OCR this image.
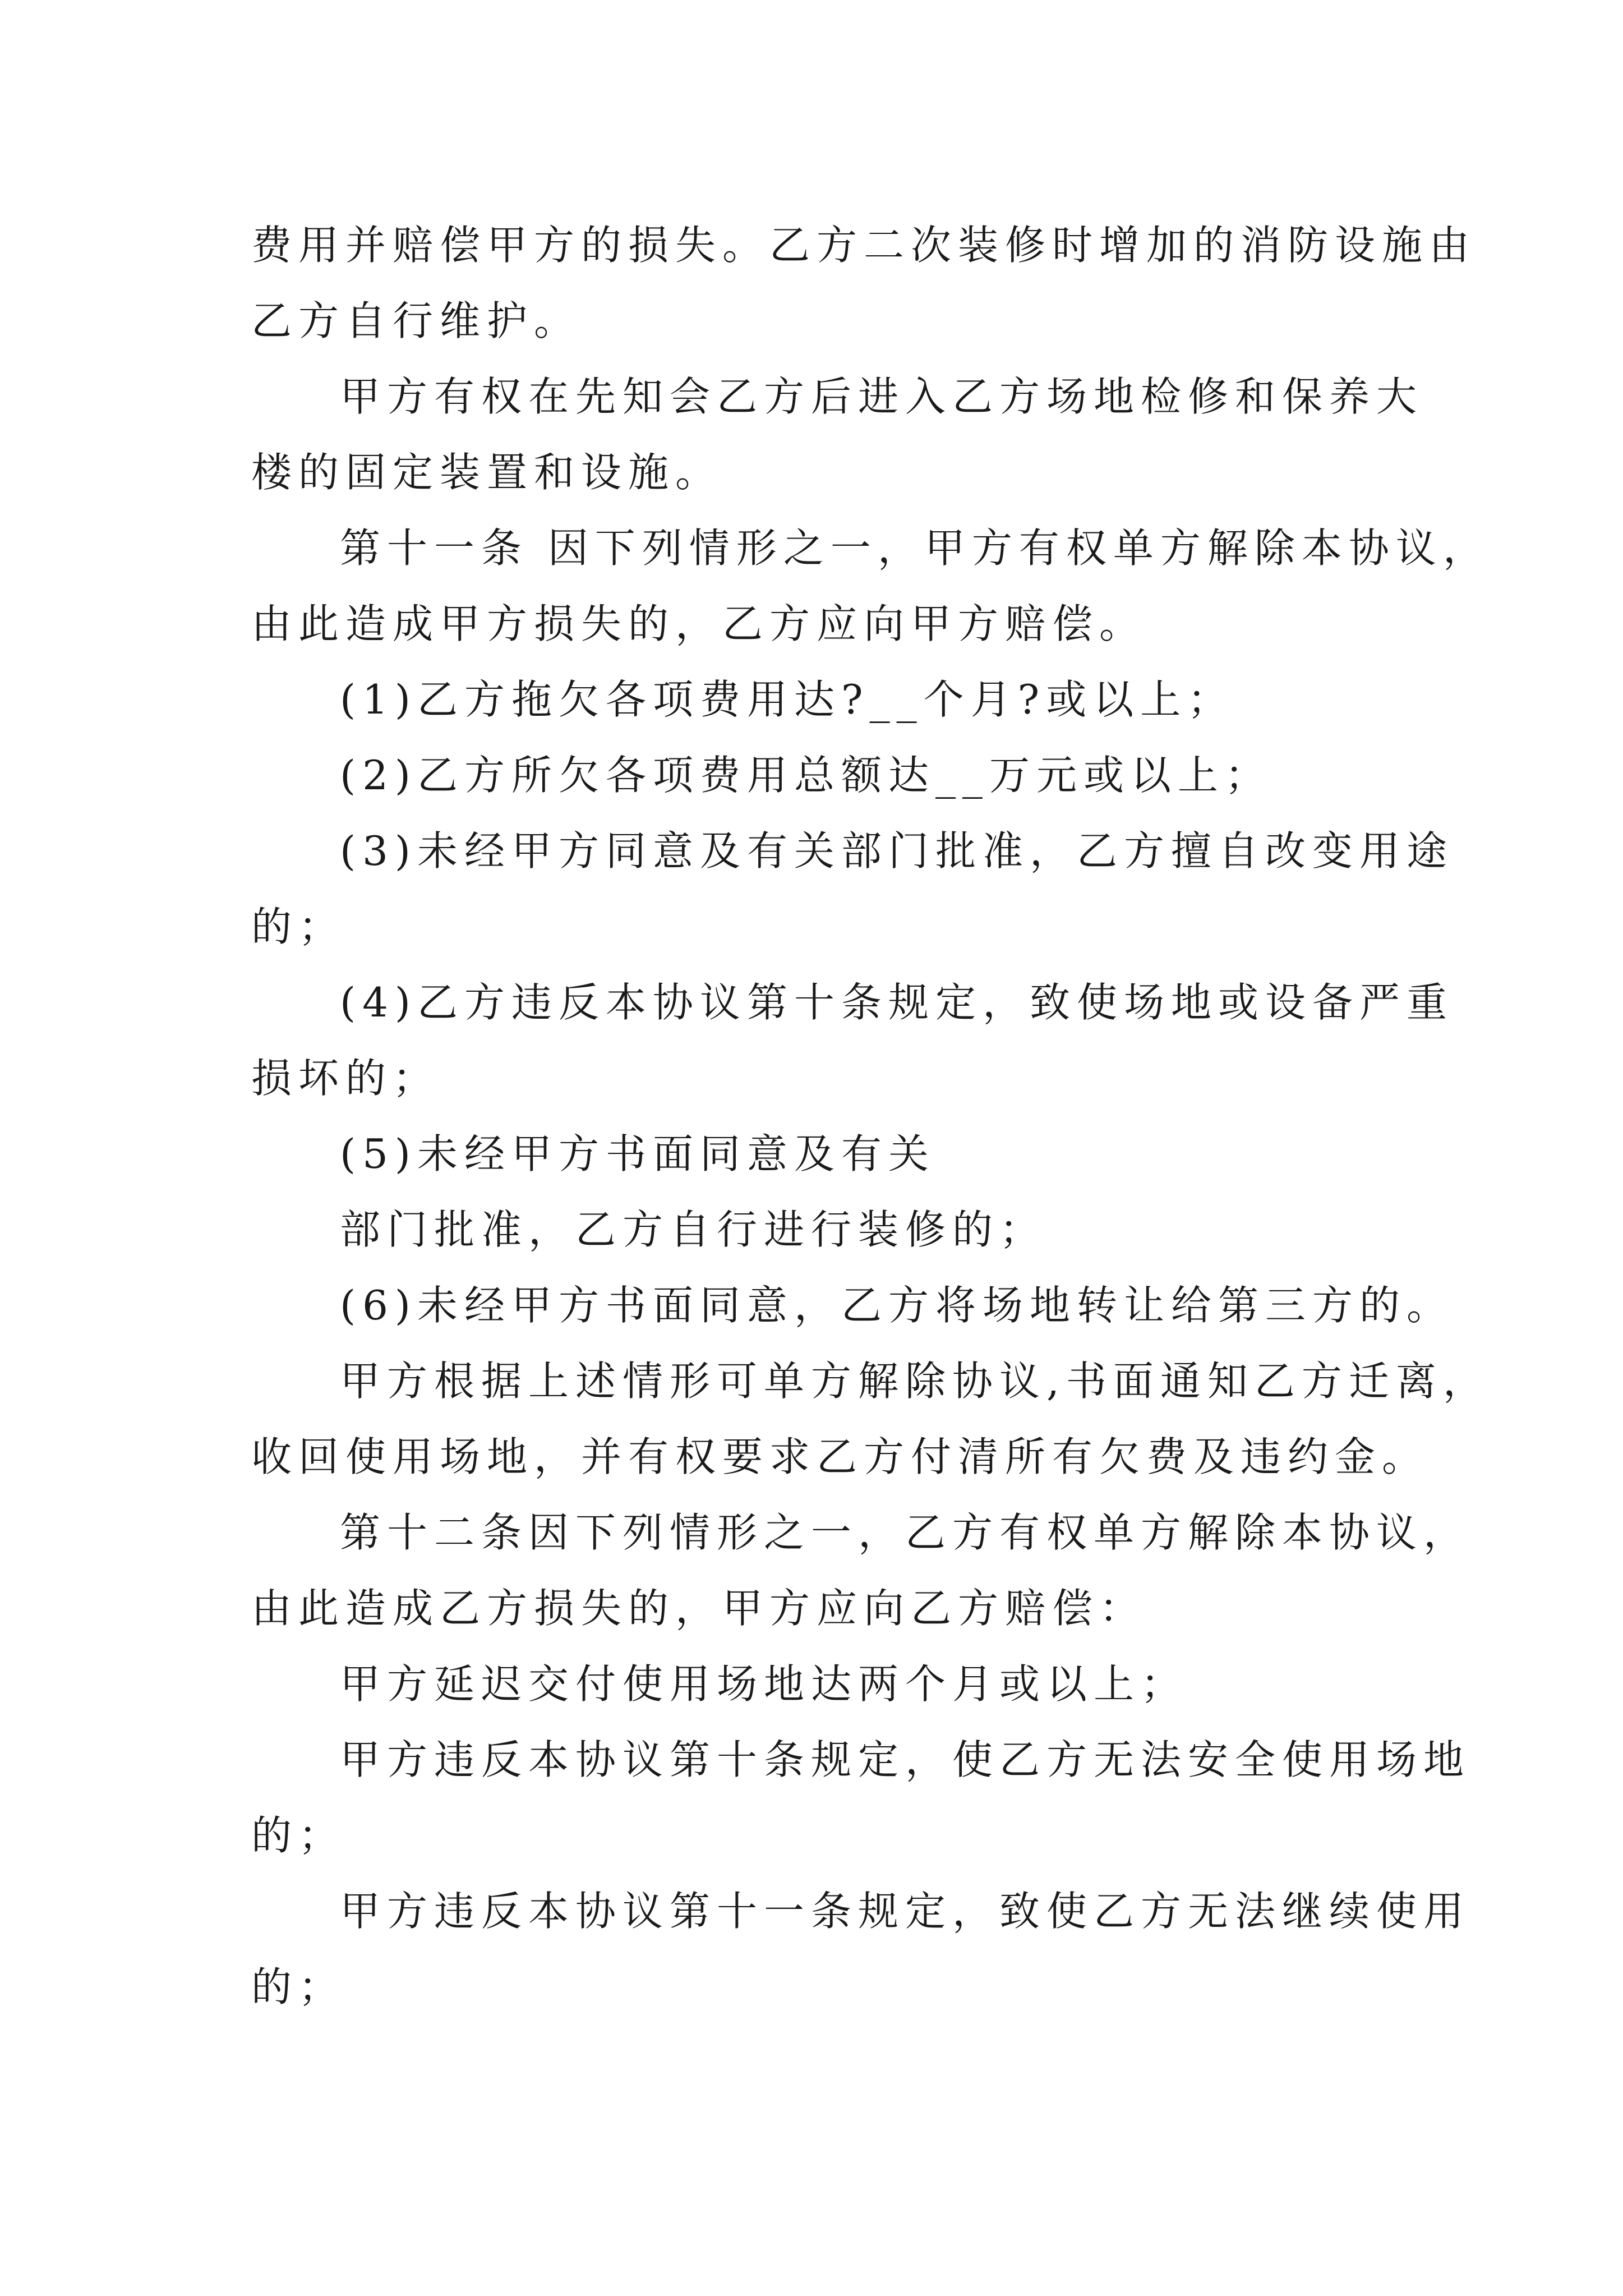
费用并赔偿甲方的损失。乙方二次装修时增加的消防设施由
乙方自行维护。
甲方有权在先知会乙方后进入乙方场地检修和保养大
楼的固定装置和设施。
第十一条 因下列情形之一，甲方有权单方解除本协议，
由此造成甲方损失的，乙方应向甲方赔偿。
(1)乙方拖欠各项费用达?__个月?或以上；
(2)乙方所欠各项费用总额达__万元或以上；
(3)未经甲方同意及有关部门批准，乙方擅自改变用途
的；
(4)乙方违反本协议第十条规定，致使场地或设备严重
损坏的；
(5)未经甲方书面同意及有关
部门批准，乙方自行进行装修的；
(6)未经甲方书面同意，乙方将场地转让给第三方的。
甲方根据上述情形可单方解除协议,书面通知乙方迁离，
收回使用场地，并有权要求乙方付清所有欠费及违约金。
第十二条因下列情形之一，乙方有权单方解除本协议，
由此造成乙方损失的，甲方应向乙方赔偿：
甲方延迟交付使用场地达两个月或以上；
甲方违反本协议第十条规定，使乙方无法安全使用场地
的；
甲方违反本协议第十一条规定，致使乙方无法继续使用
的；
